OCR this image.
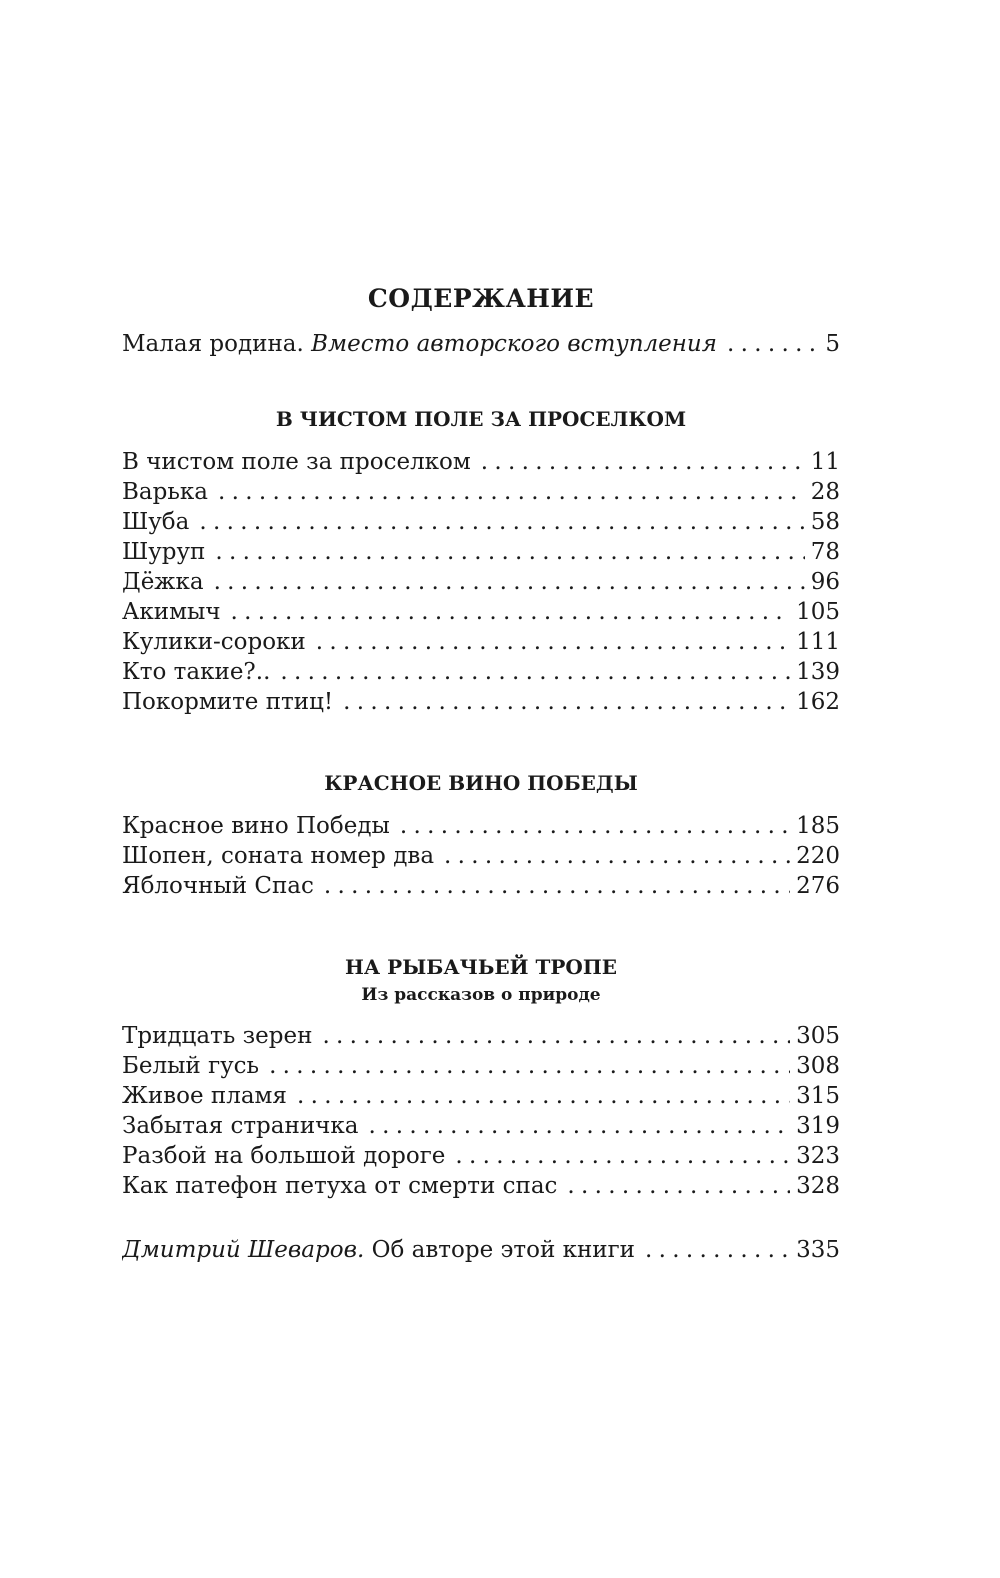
СОДЕРЖАНИЕ
Малая родина. Вместо авторского вступления . . .	5
В ЧИСТОМ ПОЛЕ ЗА ПРОСЕЛКОМ
В чистом поле за проселком . . .	11
Варька . . .	28
Шуба . . .	58
Шуруп . . .	78
Дёжка . . .	96
Акимыч . . .	105
Кулики-сороки . . .	111
Кто такие?.. . . .	139
Покормите птиц! . . .	162
КРАСНОЕ ВИНО ПОБЕДЫ
Красное вино Победы . . .	185
Шопен, соната номер два . . .	220
Яблочный Спас . . .	276
НА РЫБАЧЬЕЙ ТРОПЕ
Из рассказов о природе
Тридцать зерен . . .	305
Белый гусь . . .	308
Живое пламя . . .	315
Забытая страничка . . .	319
Разбой на большой дороге . . .	323
Как патефон петуха от смерти спас . . .	328
Дмитрий Шеваров. Об авторе этой книги . . .	335
